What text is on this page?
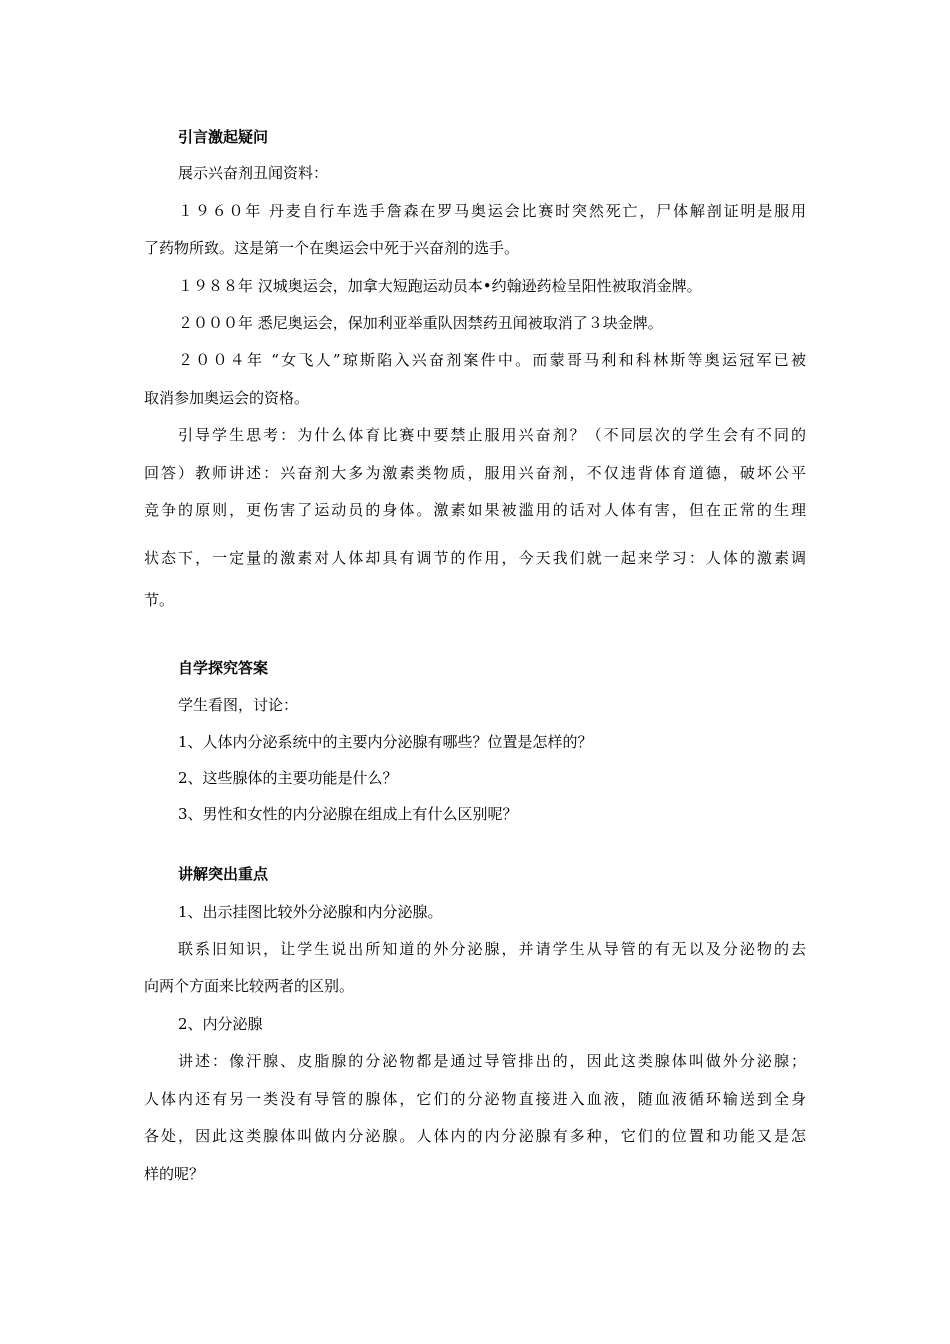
引言激起疑问
展示兴奋剂丑闻资料：
１９６０年 丹麦自行车选手詹森在罗马奥运会比赛时突然死亡，尸体解剖证明是服用
了药物所致。这是第一个在奥运会中死于兴奋剂的选手。
１９８８年 汉城奥运会，加拿大短跑运动员本•约翰逊药检呈阳性被取消金牌。
２０００年 悉尼奥运会，保加利亚举重队因禁药丑闻被取消了３块金牌。
２００４年 “女飞人”琼斯陷入兴奋剂案件中。而蒙哥马利和科林斯等奥运冠军已被
取消参加奥运会的资格。
引导学生思考：为什么体育比赛中要禁止服用兴奋剂？（不同层次的学生会有不同的
回答）教师讲述：兴奋剂大多为激素类物质，服用兴奋剂，不仅违背体育道德，破坏公平
竞争的原则，更伤害了运动员的身体。激素如果被滥用的话对人体有害，但在正常的生理
状态下，一定量的激素对人体却具有调节的作用，今天我们就一起来学习：人体的激素调
节。
自学探究答案
学生看图，讨论：
1、人体内分泌系统中的主要内分泌腺有哪些？位置是怎样的？
2、这些腺体的主要功能是什么？
3、男性和女性的内分泌腺在组成上有什么区别呢？
讲解突出重点
1、出示挂图比较外分泌腺和内分泌腺。
联系旧知识，让学生说出所知道的外分泌腺，并请学生从导管的有无以及分泌物的去
向两个方面来比较两者的区别。
2、内分泌腺
讲述：像汗腺、皮脂腺的分泌物都是通过导管排出的，因此这类腺体叫做外分泌腺；
人体内还有另一类没有导管的腺体，它们的分泌物直接进入血液，随血液循环输送到全身
各处，因此这类腺体叫做内分泌腺。人体内的内分泌腺有多种，它们的位置和功能又是怎
样的呢？
